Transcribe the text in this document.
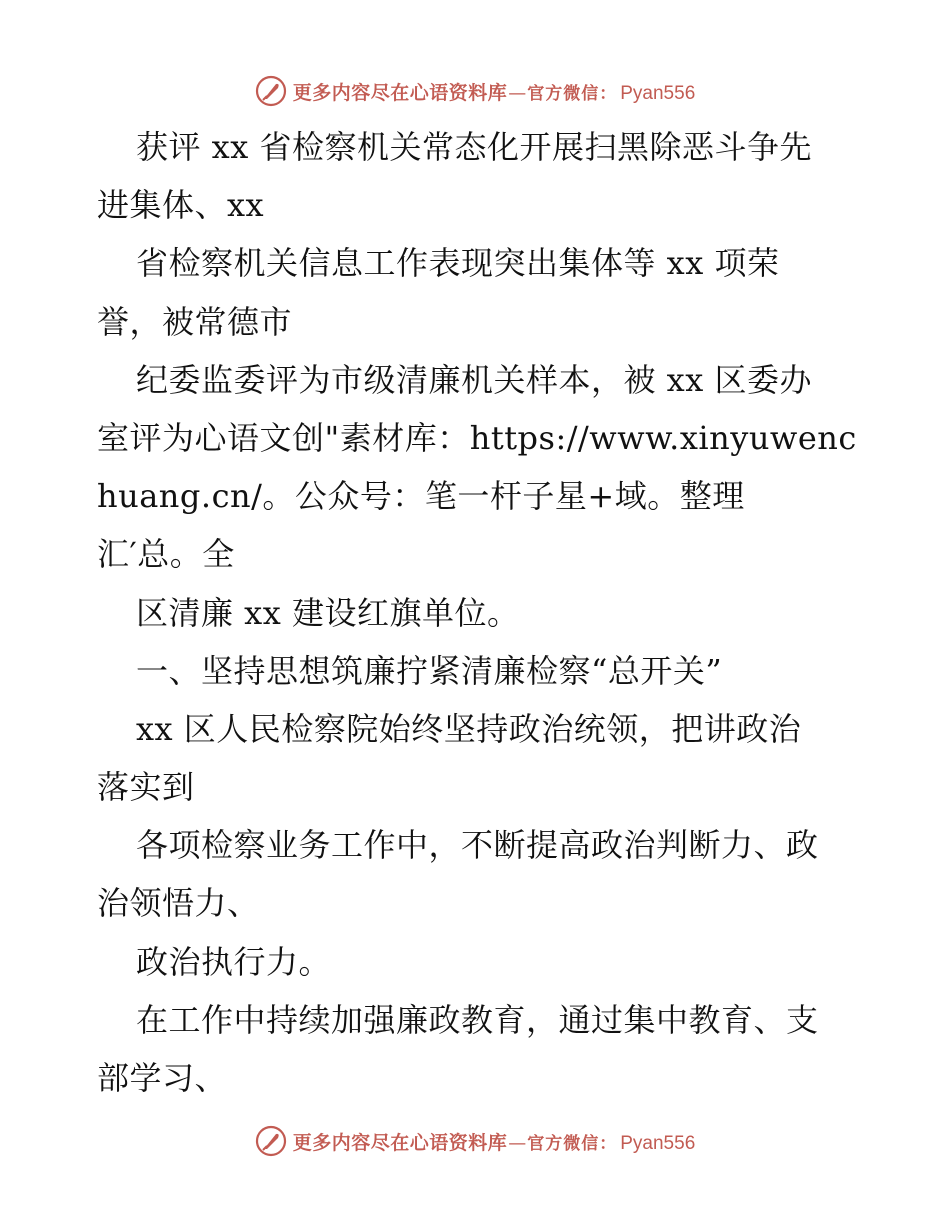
更多内容尽在心语资料库 — 官方微信： Pyan556
获评 xx 省检察机关常态化开展扫黑除恶斗争先
进集体、xx
省检察机关信息工作表现突出集体等 xx 项荣
誉，被常德市
纪委监委评为市级清廉机关样本，被 xx 区委办
室评为心语文创"素材库：https://www.xinyuwenc
huang.cn/。公众号：笔一杆子星+域。整理
汇′总。全
区清廉 xx 建设红旗单位。
一、坚持思想筑廉拧紧清廉检察“总开关”
xx 区人民检察院始终坚持政治统领，把讲政治
落实到
各项检察业务工作中，不断提高政治判断力、政
治领悟力、
政治执行力。
在工作中持续加强廉政教育，通过集中教育、支
部学习、
更多内容尽在心语资料库 — 官方微信： Pyan556
